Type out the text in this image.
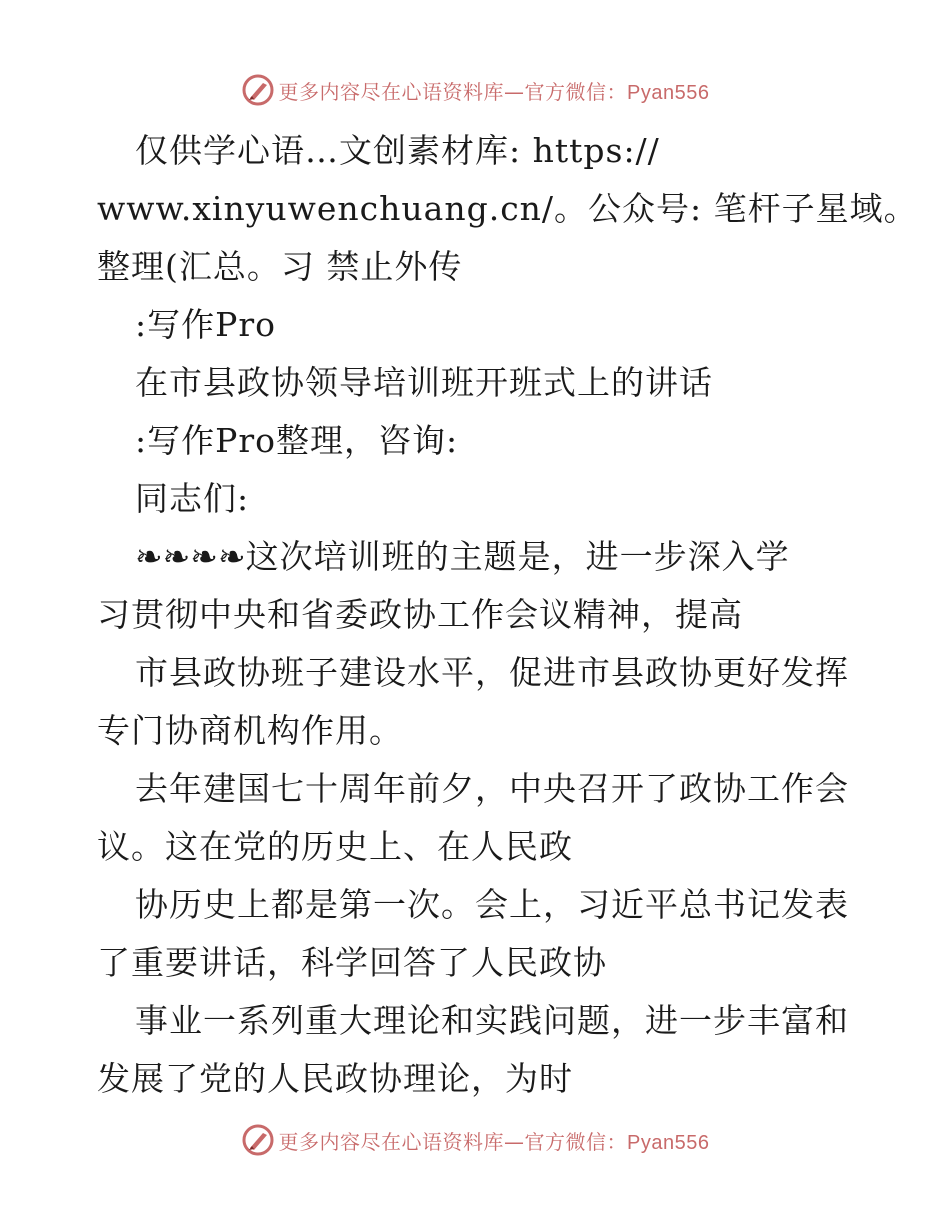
更多内容尽在心语资料库—官方微信：Pyan556

仅供学心语…文创素材库: https://

www.xinyuwenchuang.cn/。公众号: 笔杆子星域。

整理(汇总。习 禁止外传

:写作Pro

在市县政协领导培训班开班式上的讲话

:写作Pro整理，咨询:

同志们:

❧❧❧❧这次培训班的主题是，进一步深入学

习贯彻中央和省委政协工作会议精神，提高

市县政协班子建设水平，促进市县政协更好发挥

专门协商机构作用。

去年建国七十周年前夕，中央召开了政协工作会

议。这在党的历史上、在人民政

协历史上都是第一次。会上，习近平总书记发表

了重要讲话，科学回答了人民政协

事业一系列重大理论和实践问题，进一步丰富和

发展了党的人民政协理论，为时

更多内容尽在心语资料库—官方微信：Pyan556
